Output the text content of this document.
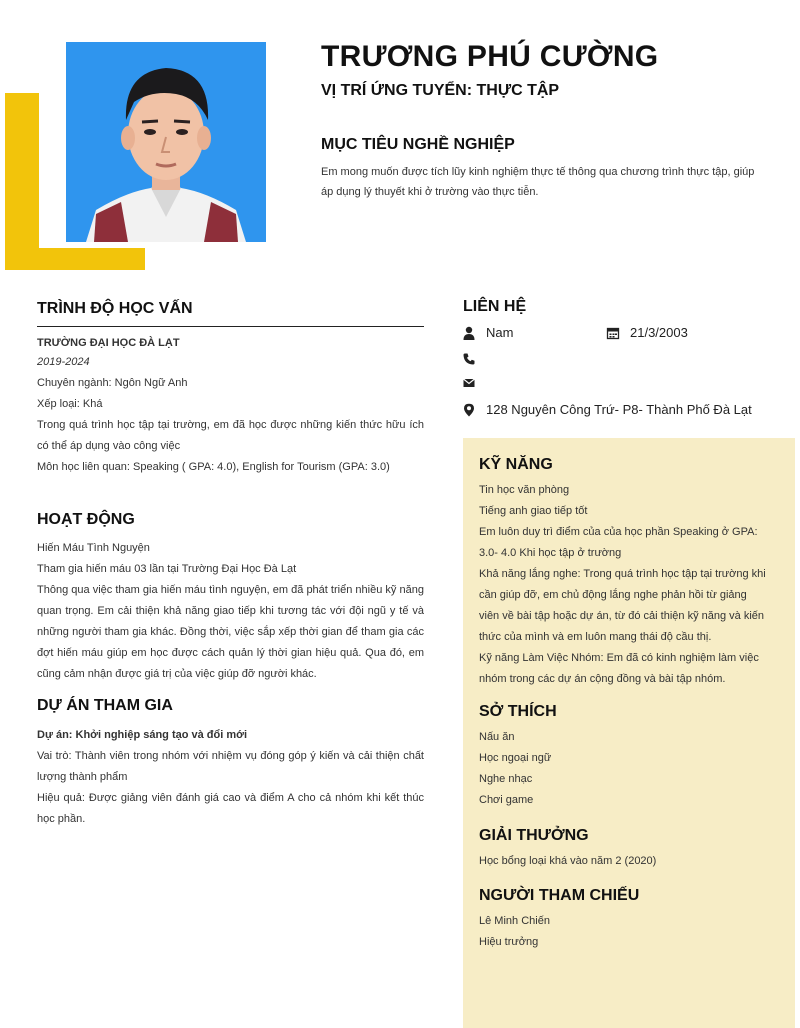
TRƯƠNG PHÚ CƯỜNG
VỊ TRÍ ỨNG TUYỂN: THỰC TẬP
MỤC TIÊU NGHỀ NGHIỆP

Em mong muốn được tích lũy kinh nghiệm thực tế thông qua chương trình thực tập, giúp áp dụng lý thuyết khi ở trường vào thực tiễn.

TRÌNH ĐỘ HỌC VẤN

TRƯỜNG ĐẠI HỌC ĐÀ LẠT

2019-2024

Chuyên ngành: Ngôn Ngữ Anh

Xếp loại: Khá

Trong quá trình học tập tại trường, em đã học được những kiến thức hữu ích có thể áp dụng vào công việc

Môn học liên quan: Speaking ( GPA: 4.0), English for Tourism (GPA: 3.0)

HOẠT ĐỘNG

Hiến Máu Tình Nguyện

Tham gia hiến máu 03 lần tại Trường Đại Học Đà Lạt

Thông qua việc tham gia hiến máu tình nguyện, em đã phát triển nhiều kỹ năng quan trọng. Em cải thiện khả năng giao tiếp khi tương tác với đội ngũ y tế và những người tham gia khác. Đồng thời, việc sắp xếp thời gian để tham gia các đợt hiến máu giúp em học được cách quản lý thời gian hiệu quả. Qua đó, em cũng cảm nhận được giá trị của việc giúp đỡ người khác.

DỰ ÁN THAM GIA

Dự án: Khởi nghiệp sáng tạo và đổi mới

Vai trò: Thành viên trong nhóm với nhiệm vụ đóng góp ý kiến và cải thiện chất lượng thành phẩm

Hiệu quả: Được giảng viên đánh giá cao và điểm A cho cả nhóm khi kết thúc học phần.

LIÊN HỆ
Nam	21/3/2003
128 Nguyên Công Trứ- P8- Thành Phố Đà Lạt
KỸ NĂNG

Tin học văn phòng

Tiếng anh giao tiếp tốt

Em luôn duy trì điểm của của học phần Speaking ở GPA: 3.0- 4.0 Khi học tập ở trường

Khả năng lắng nghe: Trong quá trình học tập tại trường khi cần giúp đỡ, em chủ động lắng nghe phản hồi từ giảng viên về bài tập hoặc dự án, từ đó cải thiện kỹ năng và kiến thức của mình và em luôn mang thái độ cầu thị.

Kỹ năng Làm Việc Nhóm: Em đã có kinh nghiệm làm việc nhóm trong các dự án cộng đồng và bài tập nhóm.

SỞ THÍCH

Nấu ăn

Học ngoại ngữ

Nghe nhạc

Chơi game

GIẢI THƯỞNG

Học bổng loại khá vào năm 2 (2020)

NGƯỜI THAM CHIẾU

Lê Minh Chiến

Hiệu trưởng
